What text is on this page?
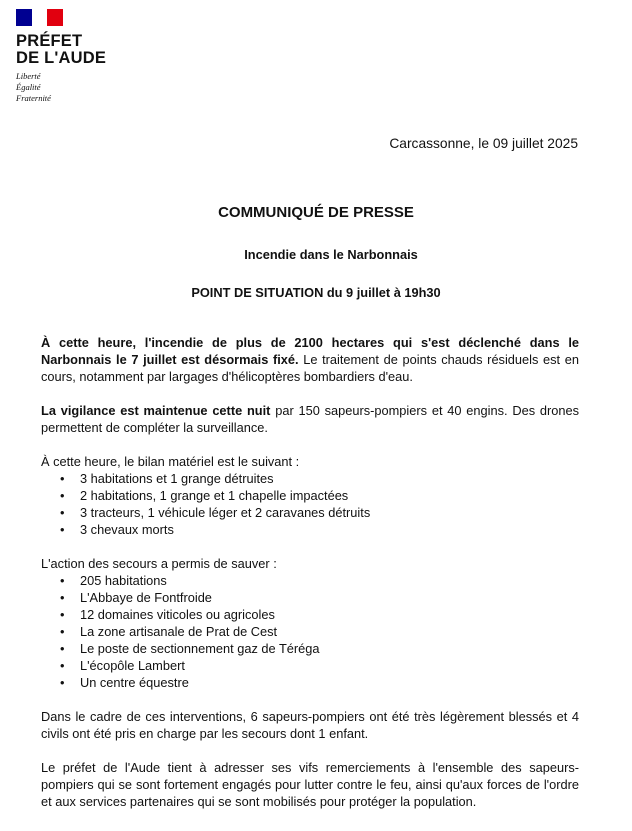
PRÉFET
DE L'AUDE
Liberté
Égalité
Fraternité
Carcassonne, le 09 juillet 2025
COMMUNIQUÉ DE PRESSE
Incendie dans le Narbonnais
POINT DE SITUATION du 9 juillet à 19h30

À cette heure, l'incendie de plus de 2100 hectares qui s'est déclenché dans le Narbonnais le 7 juillet est désormais fixé. Le traitement de points chauds résiduels est en cours, notamment par largages d'hélicoptères bombardiers d'eau.

La vigilance est maintenue cette nuit par 150 sapeurs-pompiers et 40 engins. Des drones permettent de compléter la surveillance.

À cette heure, le bilan matériel est le suivant :

• 3 habitations et 1 grange détruites
• 2 habitations, 1 grange et 1 chapelle impactées
• 3 tracteurs, 1 véhicule léger et 2 caravanes détruits
• 3 chevaux morts

L'action des secours a permis de sauver :

• 205 habitations
• L'Abbaye de Fontfroide
• 12 domaines viticoles ou agricoles
• La zone artisanale de Prat de Cest
• Le poste de sectionnement gaz de Téréga
• L'écopôle Lambert
• Un centre équestre

Dans le cadre de ces interventions, 6 sapeurs-pompiers ont été très légèrement blessés et 4 civils ont été pris en charge par les secours dont 1 enfant.

Le préfet de l'Aude tient à adresser ses vifs remerciements à l'ensemble des sapeurs-pompiers qui se sont fortement engagés pour lutter contre le feu, ainsi qu'aux forces de l'ordre et aux services partenaires qui se sont mobilisés pour protéger la population.
